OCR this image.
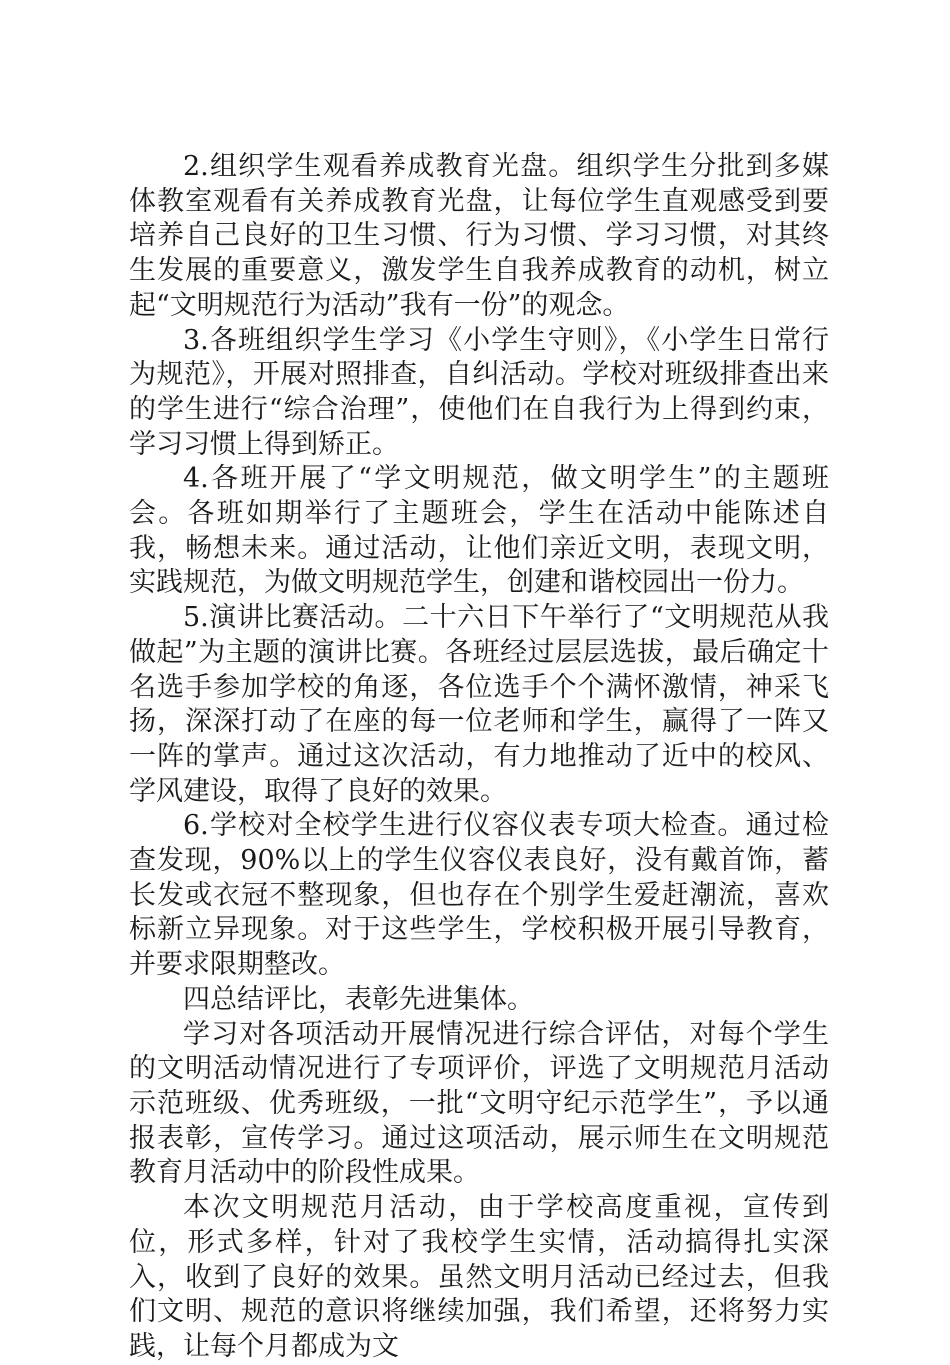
2.组织学生观看养成教育光盘。组织学生分批到多媒体教室观看有关养成教育光盘，让每位学生直观感受到要培养自己良好的卫生习惯、行为习惯、学习习惯，对其终生发展的重要意义，激发学生自我养成教育的动机，树立起“文明规范行为活动”我有一份”的观念。

3.各班组织学生学习《小学生守则》，《小学生日常行为规范》，开展对照排查，自纠活动。学校对班级排查出来的学生进行“综合治理”，使他们在自我行为上得到约束，学习习惯上得到矫正。

4.各班开展了“学文明规范，做文明学生”的主题班会。各班如期举行了主题班会，学生在活动中能陈述自我，畅想未来。通过活动，让他们亲近文明，表现文明，实践规范，为做文明规范学生，创建和谐校园出一份力。

5.演讲比赛活动。二十六日下午举行了“文明规范从我做起”为主题的演讲比赛。各班经过层层选拔，最后确定十名选手参加学校的角逐，各位选手个个满怀激情，神采飞扬，深深打动了在座的每一位老师和学生，赢得了一阵又一阵的掌声。通过这次活动，有力地推动了近中的校风、学风建设，取得了良好的效果。

6.学校对全校学生进行仪容仪表专项大检查。通过检查发现，90%以上的学生仪容仪表良好，没有戴首饰，蓄长发或衣冠不整现象，但也存在个别学生爱赶潮流，喜欢标新立异现象。对于这些学生，学校积极开展引导教育，并要求限期整改。

四总结评比，表彰先进集体。

学习对各项活动开展情况进行综合评估，对每个学生的文明活动情况进行了专项评价，评选了文明规范月活动示范班级、优秀班级，一批“文明守纪示范学生”，予以通报表彰，宣传学习。通过这项活动，展示师生在文明规范教育月活动中的阶段性成果。

本次文明规范月活动，由于学校高度重视，宣传到位，形式多样，针对了我校学生实情，活动搞得扎实深入，收到了良好的效果。虽然文明月活动已经过去，但我们文明、规范的意识将继续加强，我们希望，还将努力实践，让每个月都成为文
